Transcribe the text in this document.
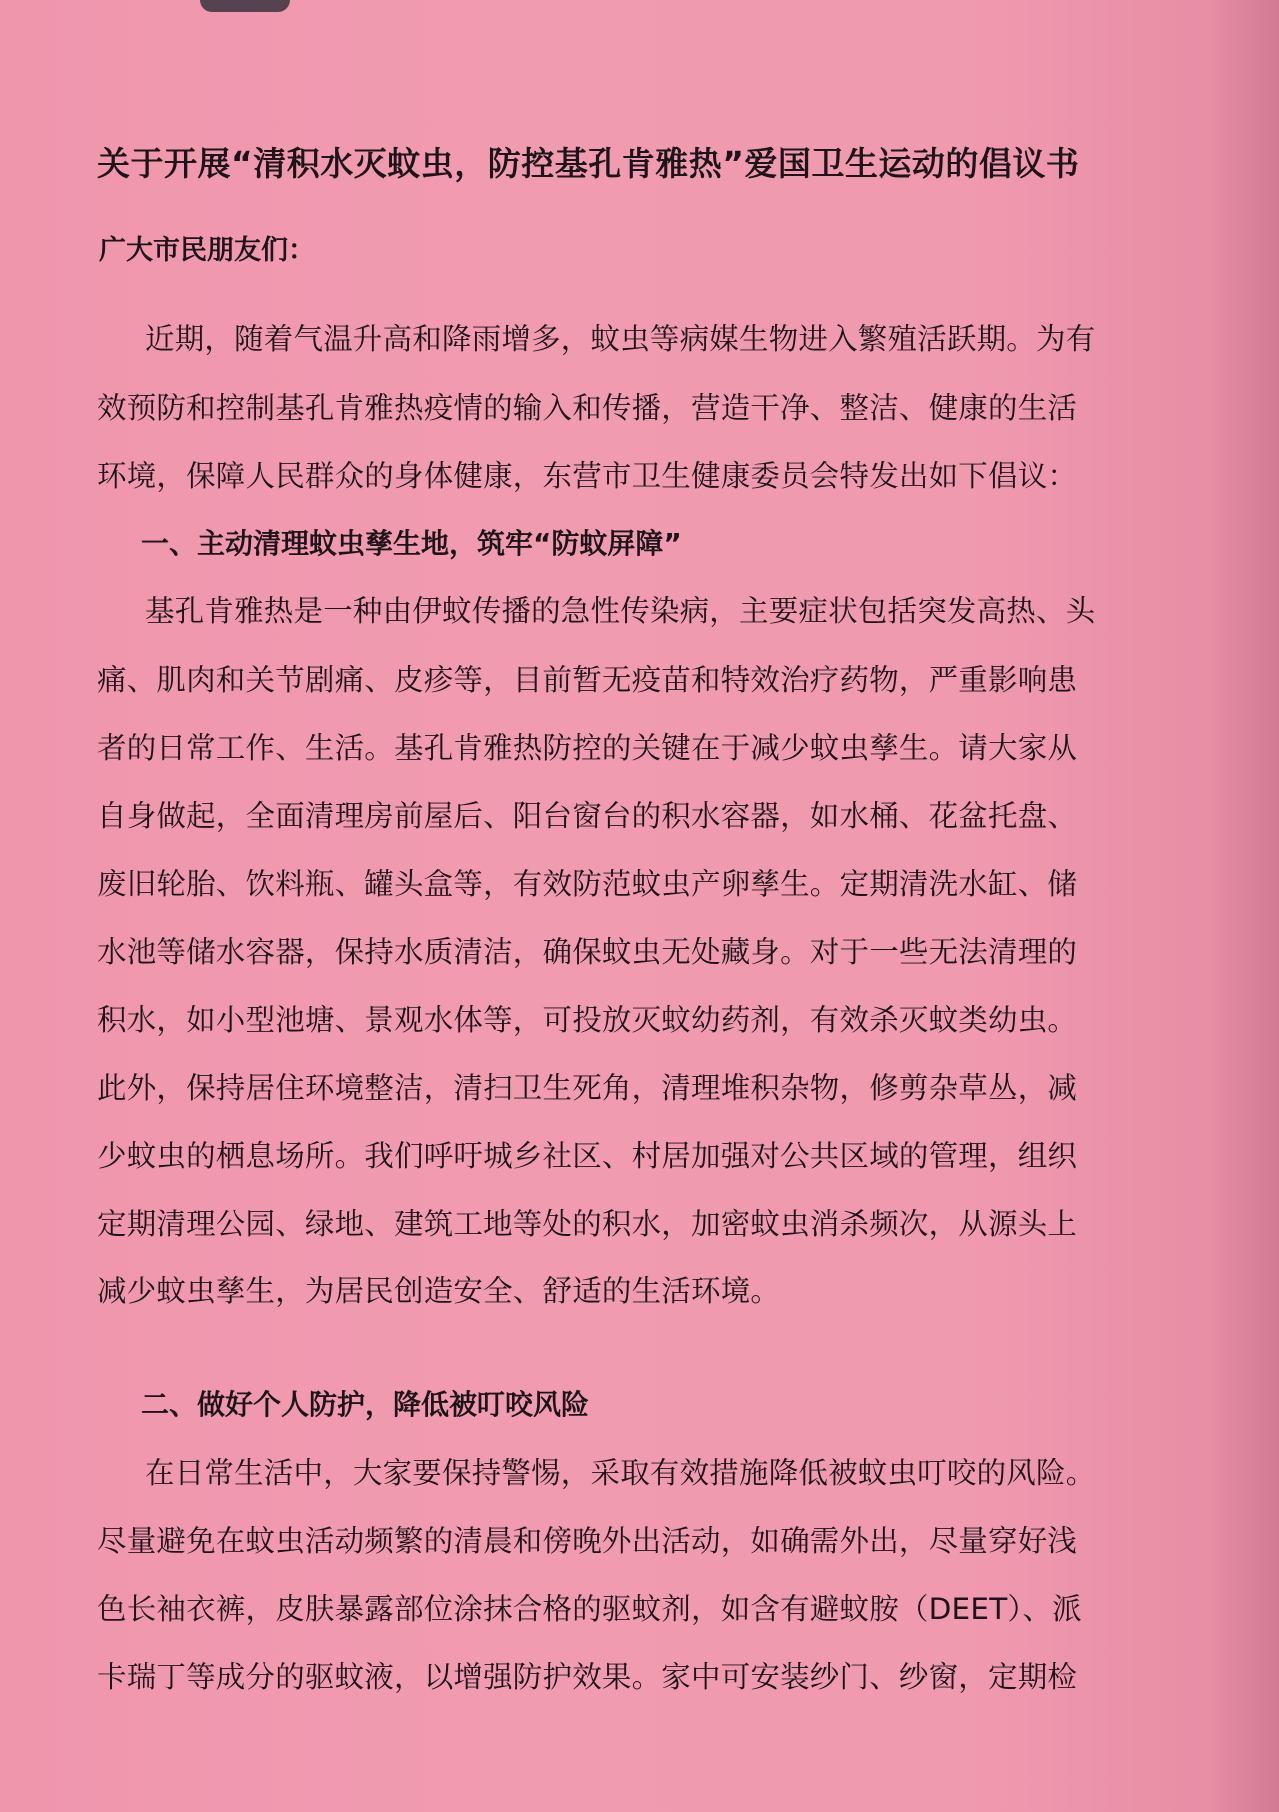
关于开展“清积水灭蚊虫，防控基孔肯雅热”爱国卫生运动的倡议书
广大市民朋友们：
近期，随着气温升高和降雨增多，蚊虫等病媒生物进入繁殖活跃期。为有
效预防和控制基孔肯雅热疫情的输入和传播，营造干净、整洁、健康的生活
环境，保障人民群众的身体健康，东营市卫生健康委员会特发出如下倡议：
一、主动清理蚊虫孳生地，筑牢“防蚊屏障”
基孔肯雅热是一种由伊蚊传播的急性传染病，主要症状包括突发高热、头
痛、肌肉和关节剧痛、皮疹等，目前暂无疫苗和特效治疗药物，严重影响患
者的日常工作、生活。基孔肯雅热防控的关键在于减少蚊虫孳生。请大家从
自身做起，全面清理房前屋后、阳台窗台的积水容器，如水桶、花盆托盘、
废旧轮胎、饮料瓶、罐头盒等，有效防范蚊虫产卵孳生。定期清洗水缸、储
水池等储水容器，保持水质清洁，确保蚊虫无处藏身。对于一些无法清理的
积水，如小型池塘、景观水体等，可投放灭蚊幼药剂，有效杀灭蚊类幼虫。
此外，保持居住环境整洁，清扫卫生死角，清理堆积杂物，修剪杂草丛，减
少蚊虫的栖息场所。我们呼吁城乡社区、村居加强对公共区域的管理，组织
定期清理公园、绿地、建筑工地等处的积水，加密蚊虫消杀频次，从源头上
减少蚊虫孳生，为居民创造安全、舒适的生活环境。
二、做好个人防护，降低被叮咬风险
在日常生活中，大家要保持警惕，采取有效措施降低被蚊虫叮咬的风险。
尽量避免在蚊虫活动频繁的清晨和傍晚外出活动，如确需外出，尽量穿好浅
色长袖衣裤，皮肤暴露部位涂抹合格的驱蚊剂，如含有避蚊胺（DEET）、派
卡瑞丁等成分的驱蚊液，以增强防护效果。家中可安装纱门、纱窗，定期检
